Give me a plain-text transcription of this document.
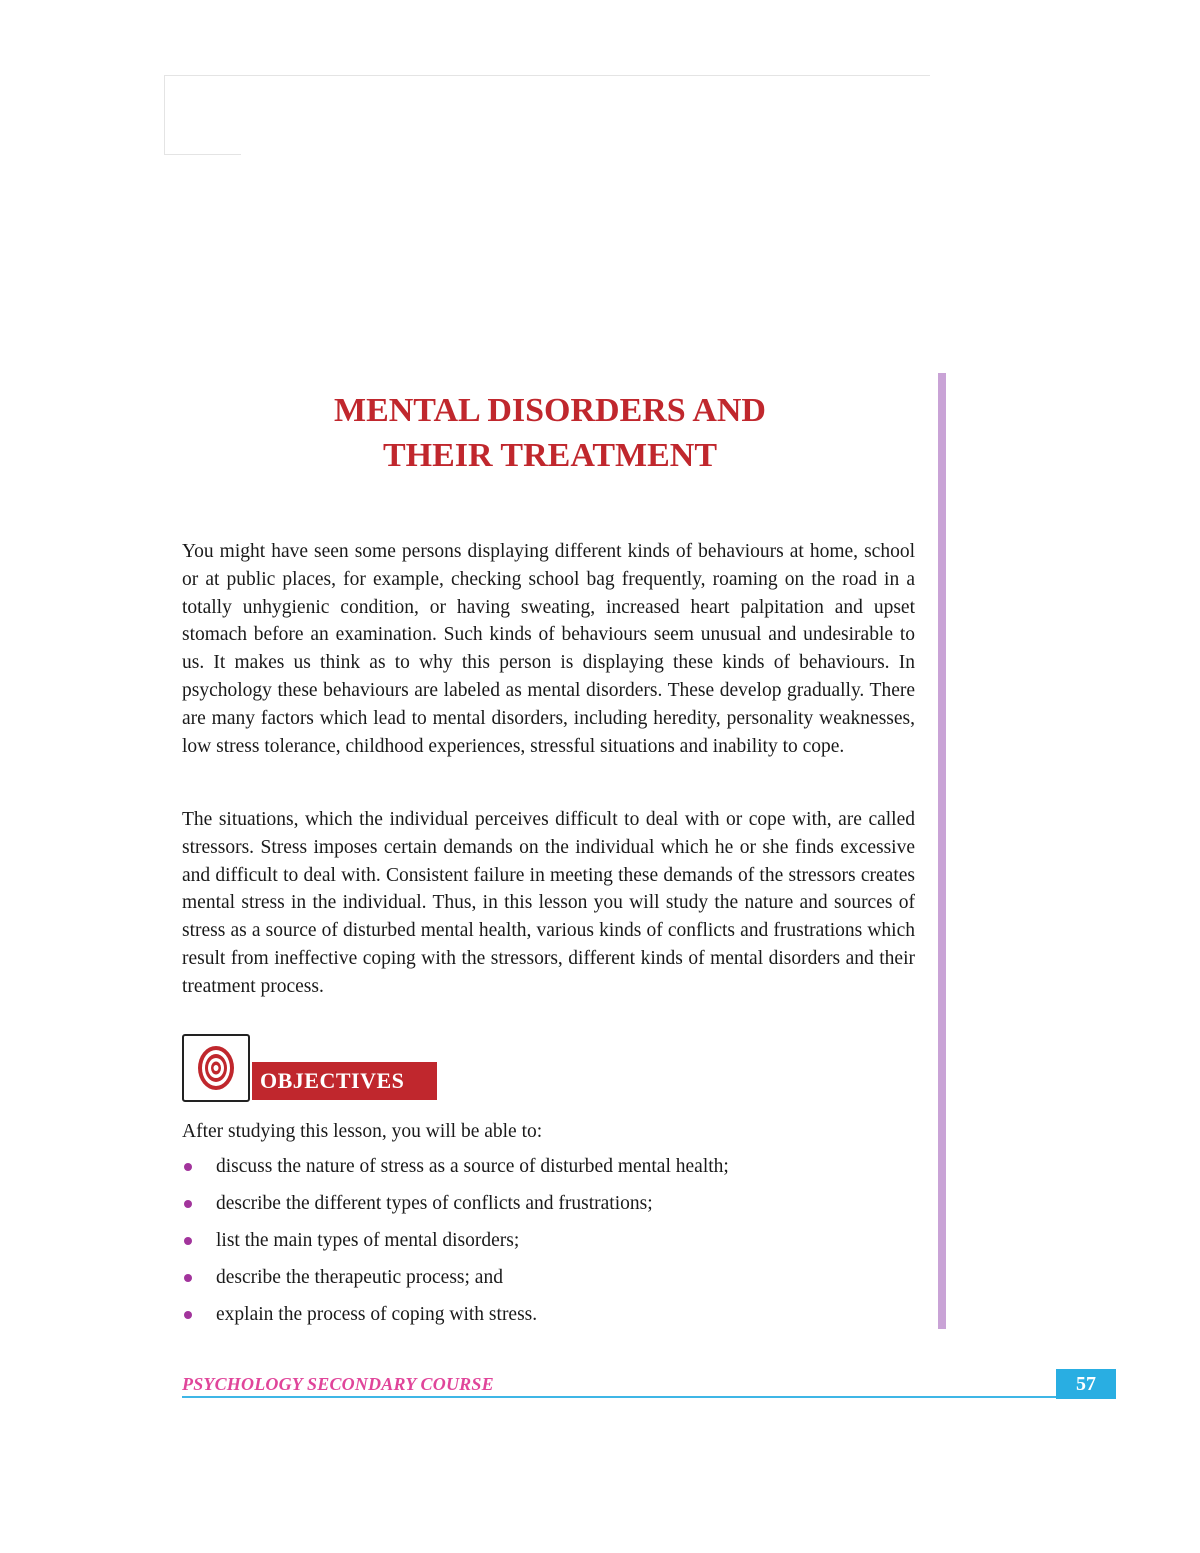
MENTAL DISORDERS AND
THEIR TREATMENT

You might have seen some persons displaying different kinds of behaviours at home, school or at public places, for example, checking school bag frequently, roaming on the road in a totally unhygienic condition, or having sweating, increased heart palpitation and upset stomach before an examination. Such kinds of behaviours seem unusual and undesirable to us. It makes us think as to why this person is displaying these kinds of behaviours. In psychology these behaviours are labeled as mental disorders. These develop gradually. There are many factors which lead to mental disorders, including heredity, personality weaknesses, low stress tolerance, childhood experiences, stressful situations and inability to cope.

The situations, which the individual perceives difficult to deal with or cope with, are called stressors. Stress imposes certain demands on the individual which he or she finds excessive and difficult to deal with. Consistent failure in meeting these demands of the stressors creates mental stress in the individual. Thus, in this lesson you will study the nature and sources of stress as a source of disturbed mental health, various kinds of conflicts and frustrations which result from ineffective coping with the stressors, different kinds of mental disorders and their treatment process.

OBJECTIVES

After studying this lesson, you will be able to:

discuss the nature of stress as a source of disturbed mental health;
describe the different types of conflicts and frustrations;
list the main types of mental disorders;
describe the therapeutic process; and
explain the process of coping with stress.
PSYCHOLOGY SECONDARY COURSE	57
